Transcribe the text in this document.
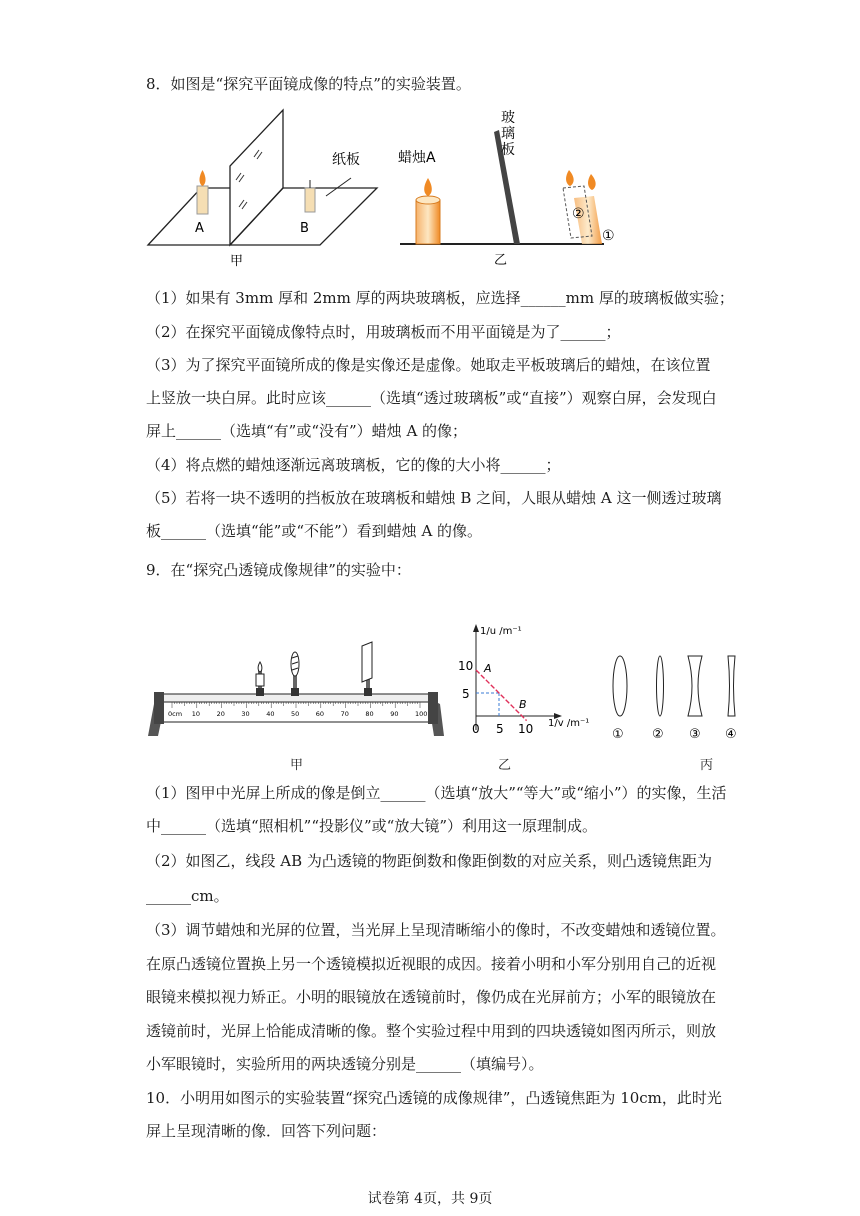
8．如图是“探究平面镜成像的特点”的实验装置。
A	B
纸板
甲
蜡烛A
玻
璃
板
②
①
乙
（1）如果有 3mm 厚和 2mm 厚的两块玻璃板，应选择______mm 厚的玻璃板做实验；
（2）在探究平面镜成像特点时，用玻璃板而不用平面镜是为了______；
（3）为了探究平面镜所成的像是实像还是虚像。她取走平板玻璃后的蜡烛，在该位置
上竖放一块白屏。此时应该______（选填“透过玻璃板”或“直接”）观察白屏，会发现白
屏上______（选填“有”或“没有”）蜡烛 A 的像；
（4）将点燃的蜡烛逐渐远离玻璃板，它的像的大小将______；
（5）若将一块不透明的挡板放在玻璃板和蜡烛 B 之间，人眼从蜡烛 A 这一侧透过玻璃
板______（选填“能”或“不能”）看到蜡烛 A 的像。
9．在“探究凸透镜成像规律”的实验中：
0cm 10	20	30	40	50	60	70	80	90	100
甲
1/u /m⁻¹
1/v /m⁻¹
10
5
0 5 10
A
B
乙
① ② ③ ④
丙
（1）图甲中光屏上所成的像是倒立______（选填“放大”“等大”或“缩小”）的实像，生活
中______（选填“照相机”“投影仪”或“放大镜”）利用这一原理制成。
（2）如图乙，线段 AB 为凸透镜的物距倒数和像距倒数的对应关系，则凸透镜焦距为
______cm。
（3）调节蜡烛和光屏的位置，当光屏上呈现清晰缩小的像时，不改变蜡烛和透镜位置。
在原凸透镜位置换上另一个透镜模拟近视眼的成因。接着小明和小军分别用自己的近视
眼镜来模拟视力矫正。小明的眼镜放在透镜前时，像仍成在光屏前方；小军的眼镜放在
透镜前时，光屏上恰能成清晰的像。整个实验过程中用到的四块透镜如图丙所示，则放
小军眼镜时，实验所用的两块透镜分别是______（填编号）。
10．小明用如图示的实验装置“探究凸透镜的成像规律”，凸透镜焦距为 10cm，此时光
屏上呈现清晰的像．回答下列问题：
试卷第 4页，共 9页
